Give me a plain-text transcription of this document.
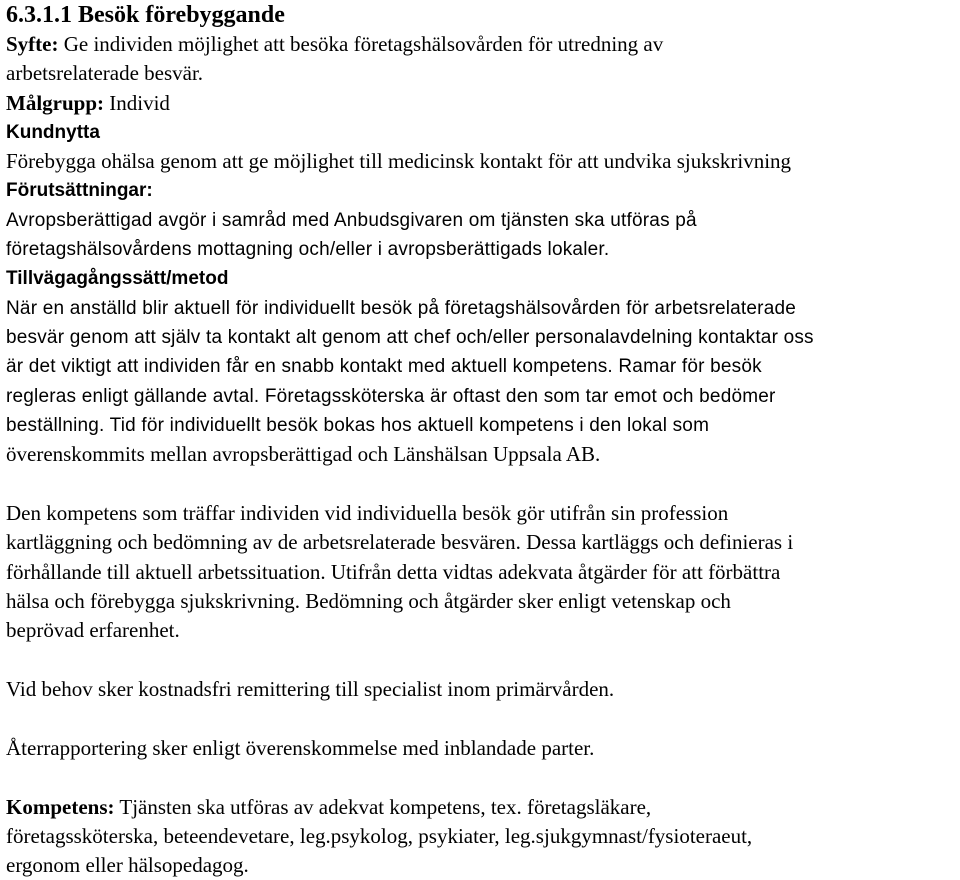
6.3.1.1 Besök förebyggande
Syfte: Ge individen möjlighet att besöka företagshälsovården för utredning av
arbetsrelaterade besvär.
Målgrupp: Individ
Kundnytta
Förebygga ohälsa genom att ge möjlighet till medicinsk kontakt för att undvika sjukskrivning
Förutsättningar:
Avropsberättigad avgör i samråd med Anbudsgivaren om tjänsten ska utföras på
företagshälsovårdens mottagning och/eller i avropsberättigads lokaler.
Tillvägagångssätt/metod
När en anställd blir aktuell för individuellt besök på företagshälsovården för arbetsrelaterade
besvär genom att själv ta kontakt alt genom att chef och/eller personalavdelning kontaktar oss
är det viktigt att individen får en snabb kontakt med aktuell kompetens. Ramar för besök
regleras enligt gällande avtal. Företagssköterska är oftast den som tar emot och bedömer
beställning. Tid för individuellt besök bokas hos aktuell kompetens i den lokal som
överenskommits mellan avropsberättigad och Länshälsan Uppsala AB.
Den kompetens som träffar individen vid individuella besök gör utifrån sin profession
kartläggning och bedömning av de arbetsrelaterade besvären. Dessa kartläggs och definieras i
förhållande till aktuell arbetssituation. Utifrån detta vidtas adekvata åtgärder för att förbättra
hälsa och förebygga sjukskrivning. Bedömning och åtgärder sker enligt vetenskap och
beprövad erfarenhet.
Vid behov sker kostnadsfri remittering till specialist inom primärvården.
Återrapportering sker enligt överenskommelse med inblandade parter.
Kompetens: Tjänsten ska utföras av adekvat kompetens, tex. företagsläkare,
företagssköterska, beteendevetare, leg.psykolog, psykiater, leg.sjukgymnast/fysioteraeut,
ergonom eller hälsopedagog.
